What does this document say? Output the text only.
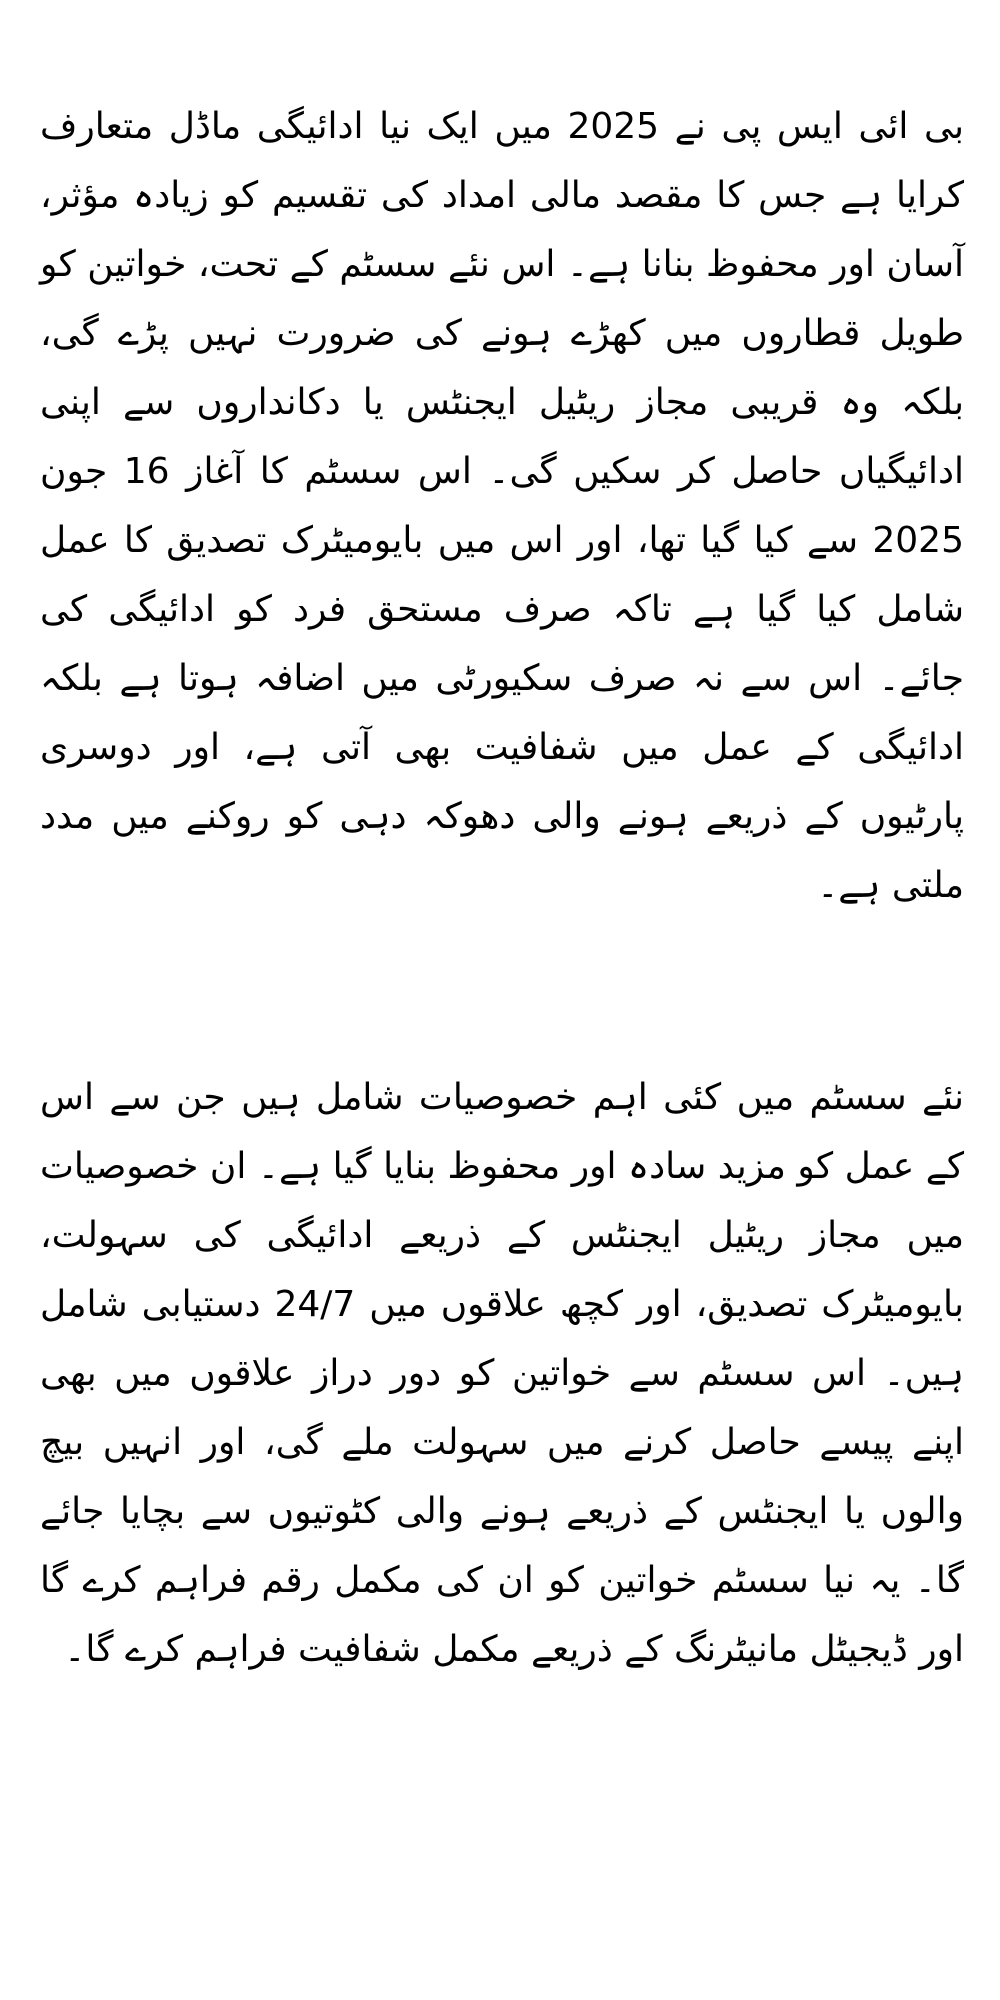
بی ائی ایس پی نے 2025 میں ایک نیا ادائیگی ماڈل متعارف کرایا ہے جس کا مقصد مالی امداد کی تقسیم کو زیادہ مؤثر، آسان اور محفوظ بنانا ہے۔ اس نئے سسٹم کے تحت، خواتین کو طویل قطاروں میں کھڑے ہونے کی ضرورت نہیں پڑے گی، بلکہ وہ قریبی مجاز ریٹیل ایجنٹس یا دکانداروں سے اپنی ادائیگیاں حاصل کر سکیں گی۔ اس سسٹم کا آغاز 16 جون 2025 سے کیا گیا تھا، اور اس میں بایومیٹرک تصدیق کا عمل شامل کیا گیا ہے تاکہ صرف مستحق فرد کو ادائیگی کی جائے۔ اس سے نہ صرف سکیورٹی میں اضافہ ہوتا ہے بلکہ ادائیگی کے عمل میں شفافیت بھی آتی ہے، اور دوسری پارٹیوں کے ذریعے ہونے والی دھوکہ دہی کو روکنے میں مدد ملتی ہے۔

نئے سسٹم میں کئی اہم خصوصیات شامل ہیں جن سے اس کے عمل کو مزید سادہ اور محفوظ بنایا گیا ہے۔ ان خصوصیات میں مجاز ریٹیل ایجنٹس کے ذریعے ادائیگی کی سہولت، بایومیٹرک تصدیق، اور کچھ علاقوں میں 24/7 دستیابی شامل ہیں۔ اس سسٹم سے خواتین کو دور دراز علاقوں میں بھی اپنے پیسے حاصل کرنے میں سہولت ملے گی، اور انہیں بیچ والوں یا ایجنٹس کے ذریعے ہونے والی کٹوتیوں سے بچایا جائے گا۔ یہ نیا سسٹم خواتین کو ان کی مکمل رقم فراہم کرے گا اور ڈیجیٹل مانیٹرنگ کے ذریعے مکمل شفافیت فراہم کرے گا۔
